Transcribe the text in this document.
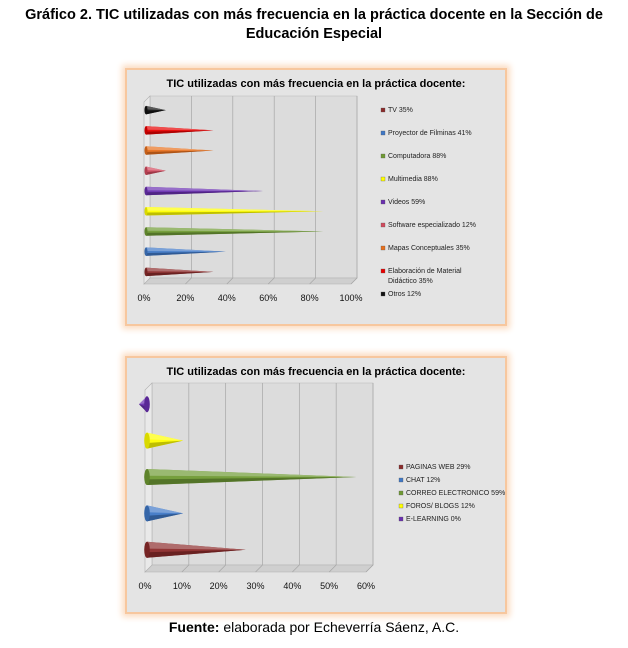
Gráfico 2. TIC utilizadas con más frecuencia en la práctica docente en la Sección de
Educación Especial
TIC utilizadas con más frecuencia en la práctica docente:
0%	20%	40%	60%	80% 100%
TV 35%
Proyector de Filminas 41%
Computadora 88%
Multimedia 88%
Videos 59%
Software especializado 12%
Mapas Conceptuales 35%
Elaboración de Material Didáctico 35%
Otros 12%
TIC utilizadas con más frecuencia en la práctica docente:
0% 10% 20% 30% 40% 50% 60%
PAGINAS WEB 29%
CHAT 12%
CORREO ELECTRONICO 59%
FOROS/ BLOGS 12%
E-LEARNING 0%
Fuente: elaborada por Echeverría Sáenz, A.C.
